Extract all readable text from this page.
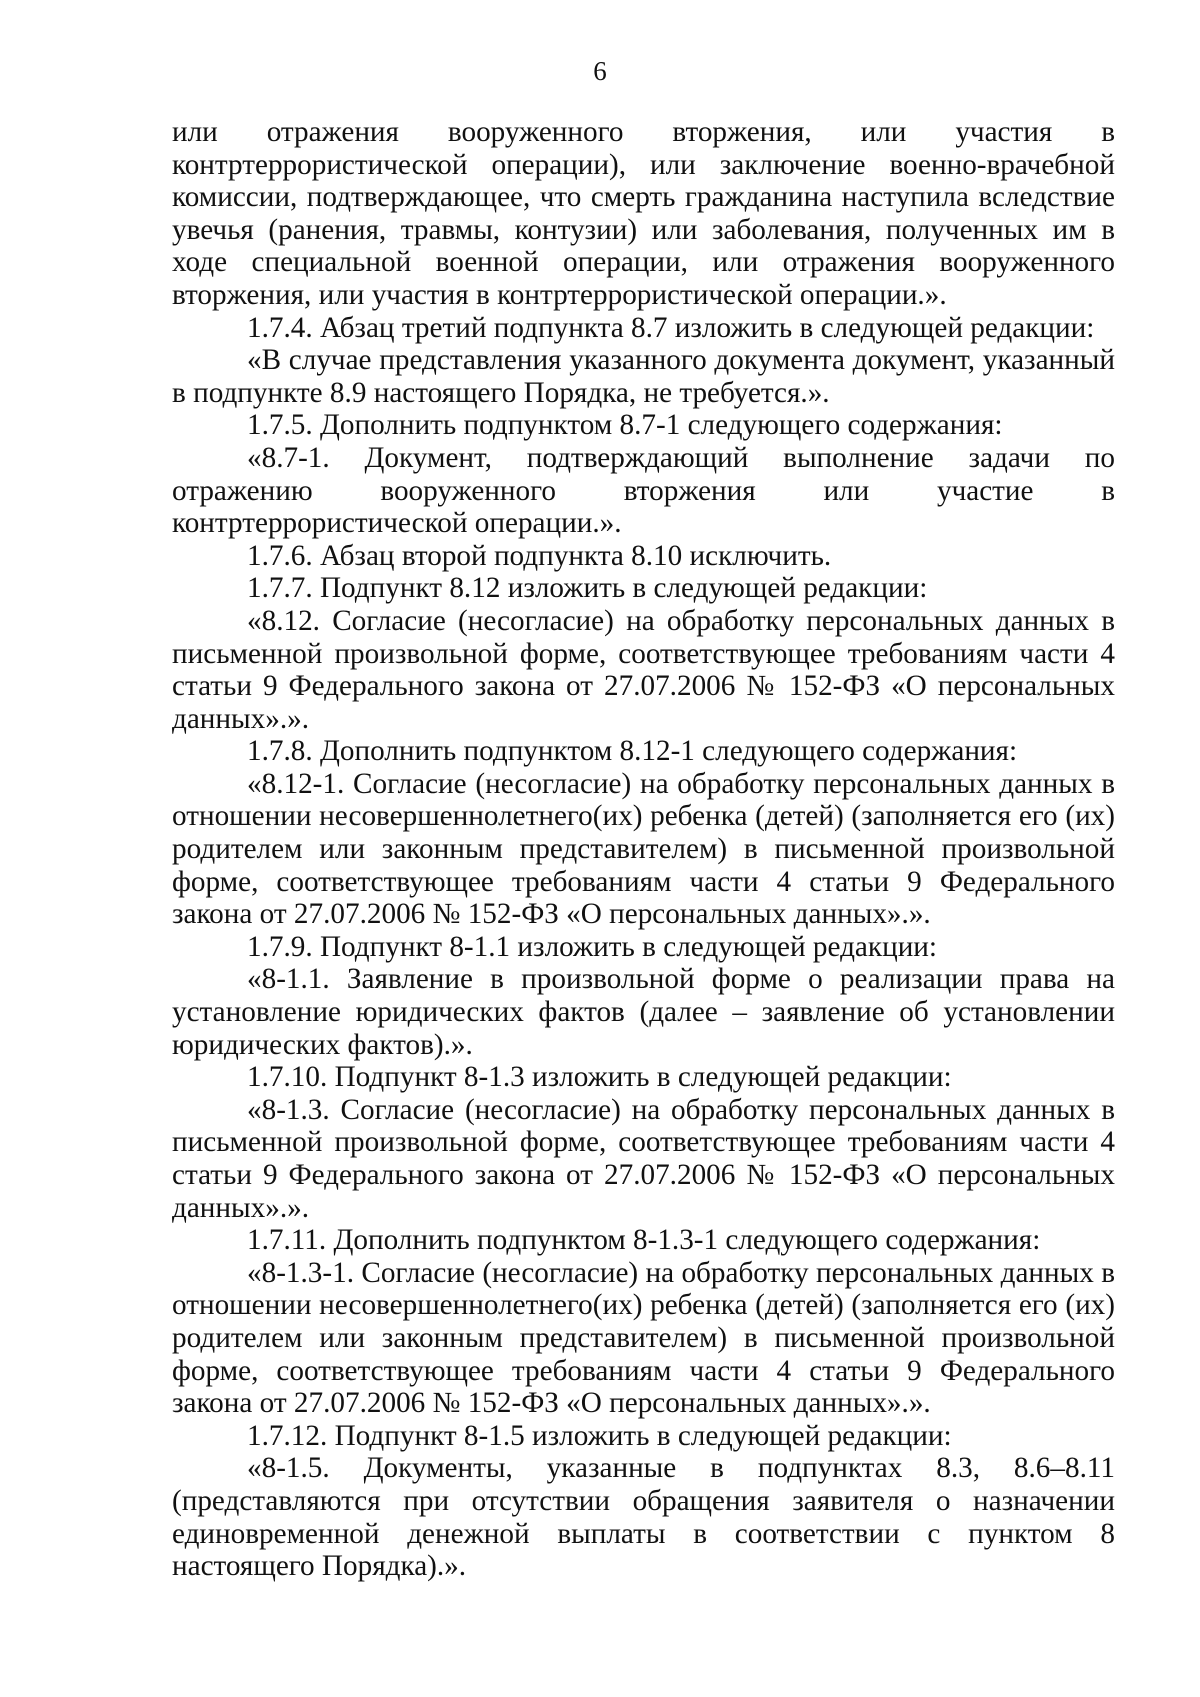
6

или отражения вооруженного вторжения, или участия в контртеррористической операции), или заключение военно-врачебной комиссии, подтверждающее, что смерть гражданина наступила вследствие увечья (ранения, травмы, контузии) или заболевания, полученных им в ходе специальной военной операции, или отражения вооруженного вторжения, или участия в контртеррористической операции.».

1.7.4. Абзац третий подпункта 8.7 изложить в следующей редакции:

«В случае представления указанного документа документ, указанный в подпункте 8.9 настоящего Порядка, не требуется.».

1.7.5. Дополнить подпунктом 8.7-1 следующего содержания:

«8.7-1. Документ, подтверждающий выполнение задачи по отражению вооруженного вторжения или участие в контртеррористической операции.».

1.7.6. Абзац второй подпункта 8.10 исключить.

1.7.7. Подпункт 8.12 изложить в следующей редакции:

«8.12. Согласие (несогласие) на обработку персональных данных в письменной произвольной форме, соответствующее требованиям части 4 статьи 9 Федерального закона от 27.07.2006 № 152-ФЗ «О персональных данных».».

1.7.8. Дополнить подпунктом 8.12-1 следующего содержания:

«8.12-1. Согласие (несогласие) на обработку персональных данных в отношении несовершеннолетнего(их) ребенка (детей) (заполняется его (их) родителем или законным представителем) в письменной произвольной форме, соответствующее требованиям части 4 статьи 9 Федерального закона от 27.07.2006 № 152-ФЗ «О персональных данных».».

1.7.9. Подпункт 8-1.1 изложить в следующей редакции:

«8-1.1. Заявление в произвольной форме о реализации права на установление юридических фактов (далее – заявление об установлении юридических фактов).».

1.7.10. Подпункт 8-1.3 изложить в следующей редакции:

«8-1.3. Согласие (несогласие) на обработку персональных данных в письменной произвольной форме, соответствующее требованиям части 4 статьи 9 Федерального закона от 27.07.2006 № 152-ФЗ «О персональных данных».».

1.7.11. Дополнить подпунктом 8-1.3-1 следующего содержания:

«8-1.3-1. Согласие (несогласие) на обработку персональных данных в отношении несовершеннолетнего(их) ребенка (детей) (заполняется его (их) родителем или законным представителем) в письменной произвольной форме, соответствующее требованиям части 4 статьи 9 Федерального закона от 27.07.2006 № 152-ФЗ «О персональных данных».».

1.7.12. Подпункт 8-1.5 изложить в следующей редакции:

«8-1.5. Документы, указанные в подпунктах 8.3, 8.6–8.11 (представляются при отсутствии обращения заявителя о назначении единовременной денежной выплаты в соответствии с пунктом 8 настоящего Порядка).».
